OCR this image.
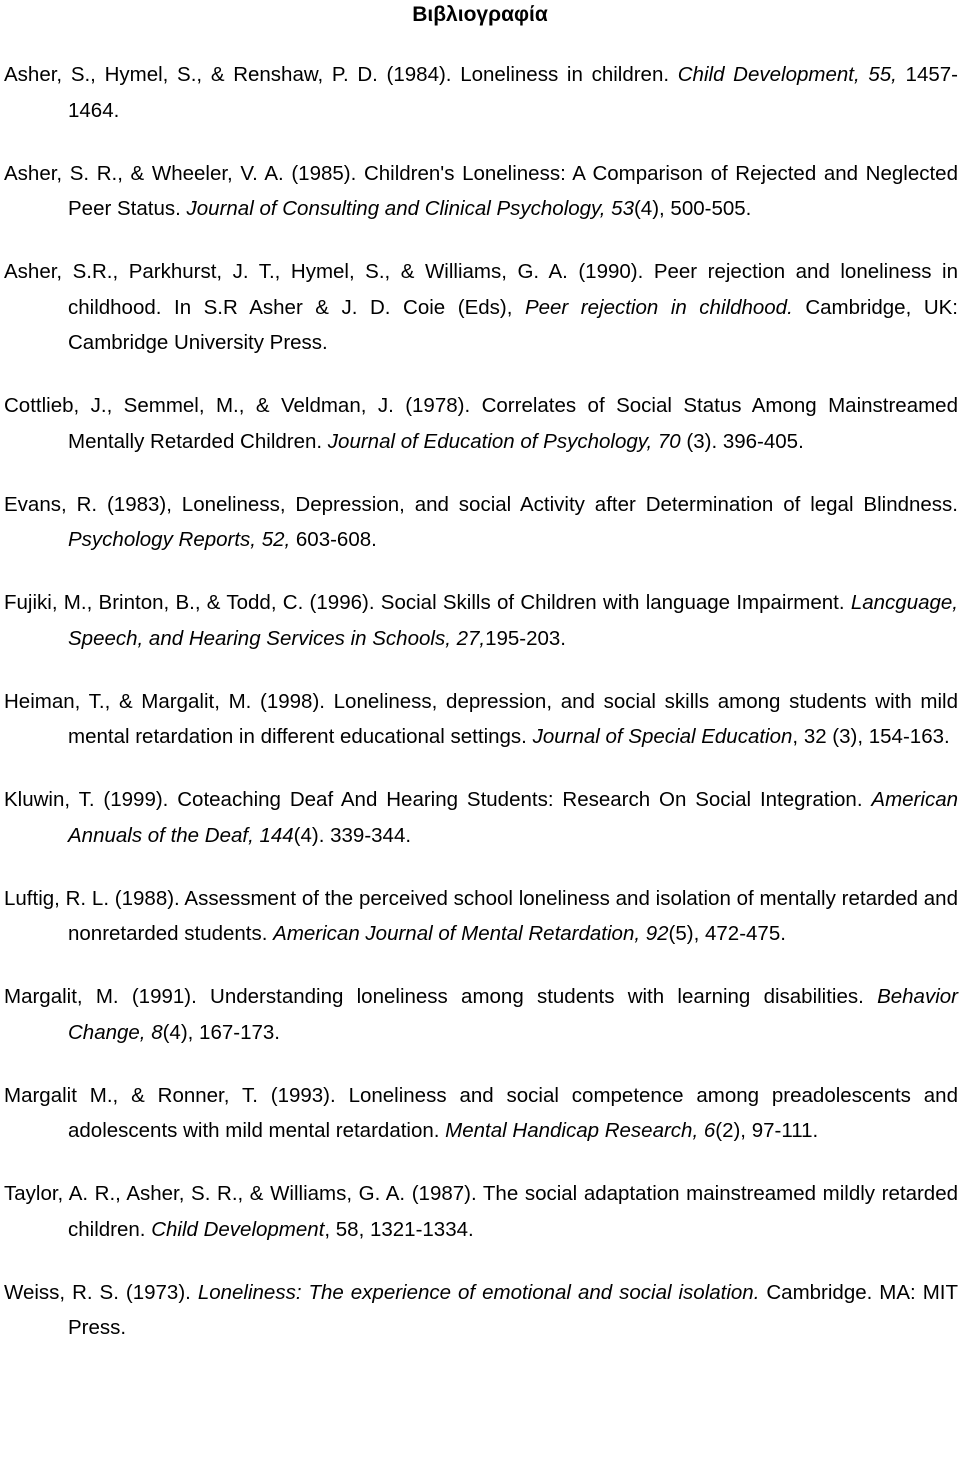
Βιβλιογραφία

Asher, S., Hymel, S., & Renshaw, P. D. (1984). Loneliness in children. Child Development, 55, 1457-1464.

Asher, S. R., & Wheeler, V. A. (1985). Children's Loneliness: A Comparison of Rejected and Neglected Peer Status. Journal of Consulting and Clinical Psychology, 53(4), 500-505.

Asher, S.R., Parkhurst, J. T., Hymel, S., & Williams, G. A. (1990). Peer rejection and loneliness in childhood. In S.R Asher & J. D. Coie (Eds), Peer rejection in childhood. Cambridge, UK: Cambridge University Press.

Cottlieb, J., Semmel, M., & Veldman, J. (1978). Correlates of Social Status Among Mainstreamed Mentally Retarded Children. Journal of Education of Psychology, 70 (3). 396-405.

Evans, R. (1983), Loneliness, Depression, and social Activity after Determination of legal Blindness. Psychology Reports, 52, 603-608.

Fujiki, M., Brinton, B., & Todd, C. (1996). Social Skills of Children with language Impairment. Lancguage, Speech, and Hearing Services in Schools, 27,195-203.

Heiman, T., & Margalit, M. (1998). Loneliness, depression, and social skills among students with mild mental retardation in different educational settings. Journal of Special Education, 32 (3), 154-163.

Kluwin, T. (1999). Coteaching Deaf And Hearing Students: Research On Social Integration. American Annuals of the Deaf, 144(4). 339-344.

Luftig, R. L. (1988). Assessment of the perceived school loneliness and isolation of mentally retarded and nonretarded students. American Journal of Mental Retardation, 92(5), 472-475.

Margalit, M. (1991). Understanding loneliness among students with learning disabilities. Behavior Change, 8(4), 167-173.

Margalit M., & Ronner, T. (1993). Loneliness and social competence among preadolescents and adolescents with mild mental retardation. Mental Handicap Research, 6(2), 97-111.

Taylor, A. R., Asher, S. R., & Williams, G. A. (1987). The social adaptation mainstreamed mildly retarded children. Child Development, 58, 1321-1334.

Weiss, R. S. (1973). Loneliness: The experience of emotional and social isolation. Cambridge. MA: MIT Press.
